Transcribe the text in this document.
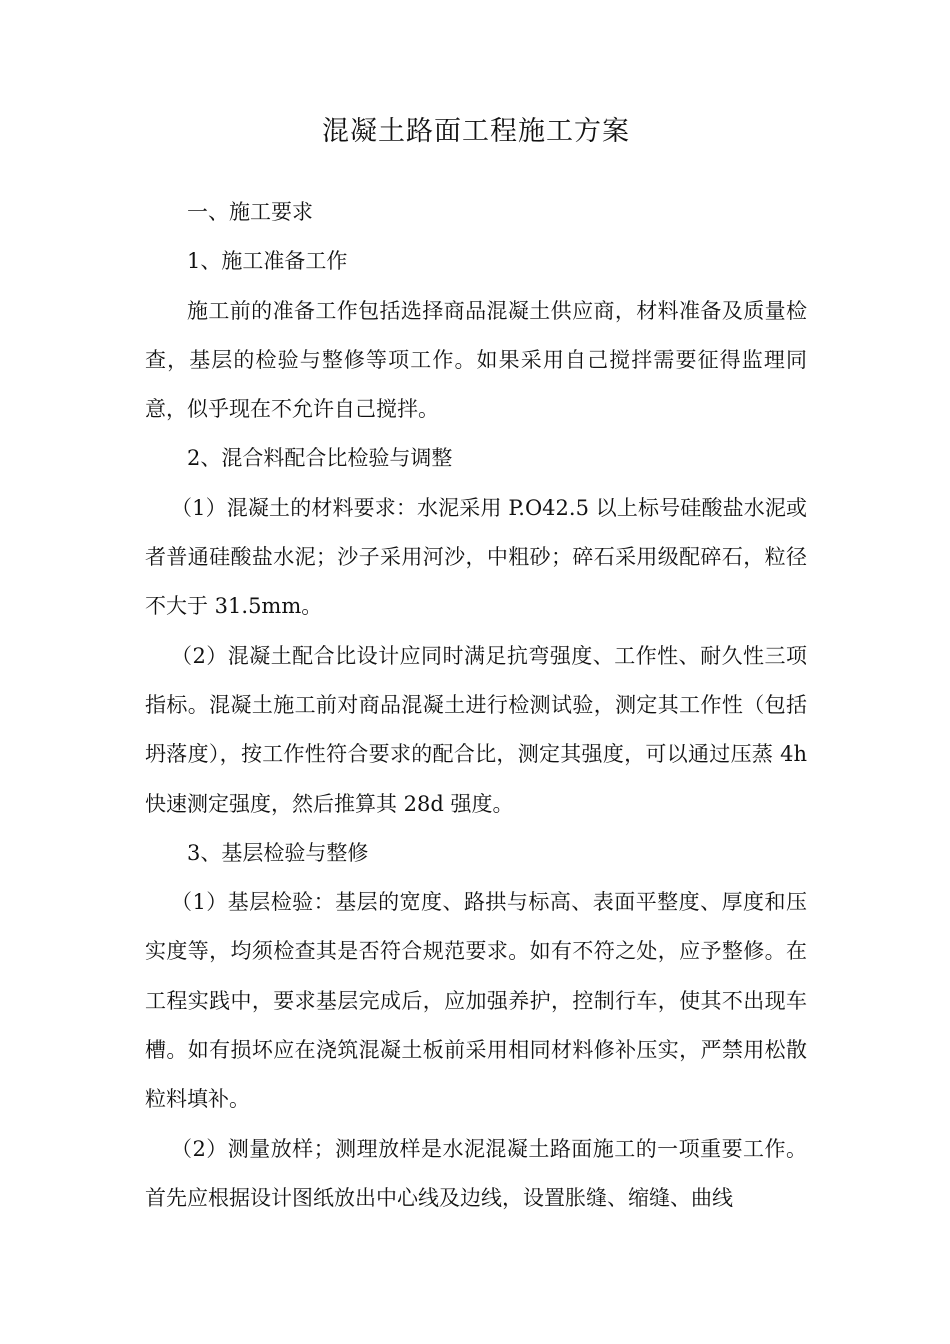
混凝土路面工程施工方案

一、施工要求

1、施工准备工作

施工前的准备工作包括选择商品混凝土供应商，材料准备及质量检查，基层的检验与整修等项工作。如果采用自己搅拌需要征得监理同意，似乎现在不允许自己搅拌。

2、混合料配合比检验与调整

（1）混凝土的材料要求：水泥采用 P.O42.5 以上标号硅酸盐水泥或者普通硅酸盐水泥；沙子采用河沙，中粗砂；碎石采用级配碎石，粒径不大于 31.5mm。

（2）混凝土配合比设计应同时满足抗弯强度、工作性、耐久性三项指标。混凝土施工前对商品混凝土进行检测试验，测定其工作性（包括坍落度），按工作性符合要求的配合比，测定其强度，可以通过压蒸 4h 快速测定强度，然后推算其 28d 强度。

3、基层检验与整修

（1）基层检验：基层的宽度、路拱与标高、表面平整度、厚度和压实度等，均须检查其是否符合规范要求。如有不符之处，应予整修。在工程实践中，要求基层完成后，应加强养护，控制行车，使其不出现车槽。如有损坏应在浇筑混凝土板前采用相同材料修补压实，严禁用松散粒料填补。

（2）测量放样；测理放样是水泥混凝土路面施工的一项重要工作。首先应根据设计图纸放出中心线及边线，设置胀缝、缩缝、曲线
